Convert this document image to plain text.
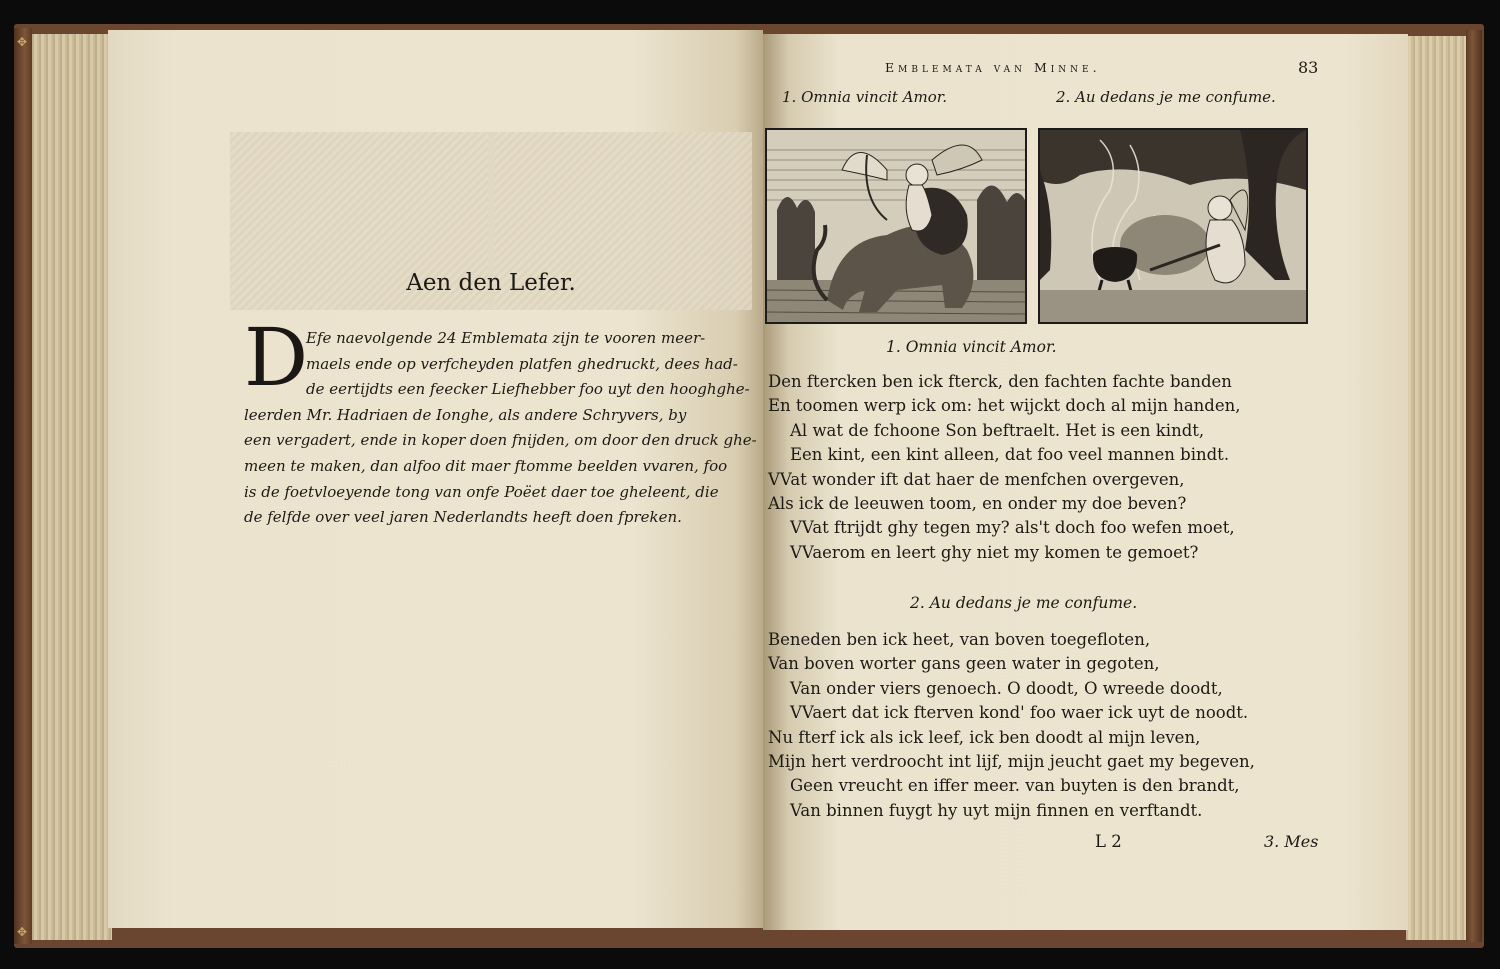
✥
✥
Aen den Lefer.
D
Efe naevolgende 24 Emblemata zijn te vooren meer-
maels ende op verfcheyden platfen ghedruckt, dees had-
de eertijdts een feecker Liefhebber foo uyt den hooghghe-
leerden Mr. Hadriaen de Ionghe, als andere Schryvers, by
een vergadert, ende in koper doen fnijden, om door den druck ghe-
meen te maken, dan alfoo dit maer ftomme beelden vvaren, foo
is de foetvloeyende tong van onfe Poëet daer toe gheleent, die
de felfde over veel jaren Nederlandts heeft doen fpreken.
Emblemata van Minne.	83
1. Omnia vincit Amor.	2. Au dedans je me confume.
1. Omnia vincit Amor.
Den ftercken ben ick fterck, den fachten fachte banden
En toomen werp ick om: het wijckt doch al mijn handen,
Al wat de fchoone Son beftraelt. Het is een kindt,
Een kint, een kint alleen, dat foo veel mannen bindt.
VVat wonder ift dat haer de menfchen overgeven,
Als ick de leeuwen toom, en onder my doe beven?
VVat ftrijdt ghy tegen my? als't doch foo wefen moet,
VVaerom en leert ghy niet my komen te gemoet?
2. Au dedans je me confume.
Beneden ben ick heet, van boven toegefloten,
Van boven worter gans geen water in gegoten,
Van onder viers genoech. O doodt, O wreede doodt,
VVaert dat ick fterven kond' foo waer ick uyt de noodt.
Nu fterf ick als ick leef, ick ben doodt al mijn leven,
Mijn hert verdroocht int lijf, mijn jeucht gaet my begeven,
Geen vreucht en iffer meer. van buyten is den brandt,
Van binnen fuygt hy uyt mijn finnen en verftandt.
L 2	3. Mes
